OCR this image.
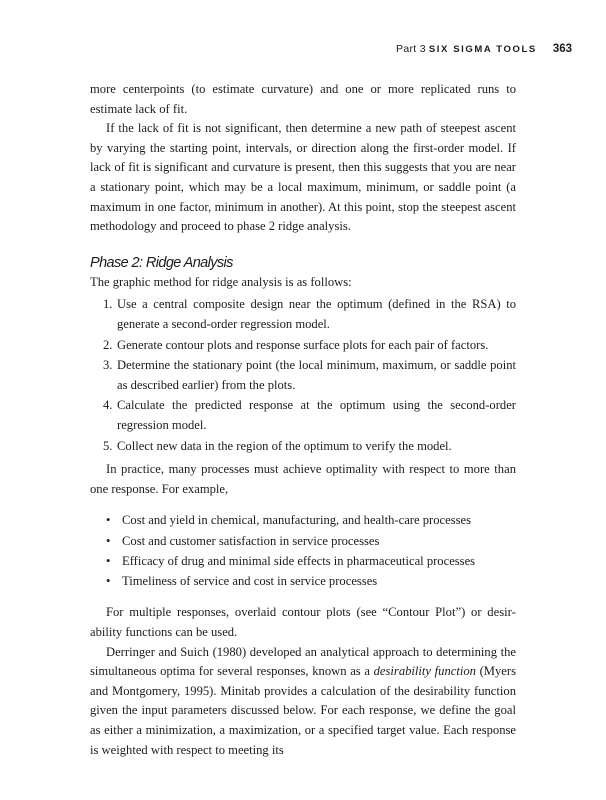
Part 3 SIX SIGMA TOOLS 363

more centerpoints (to estimate curvature) and one or more replicated runs to estimate lack of fit.

If the lack of fit is not significant, then determine a new path of steepest ascent by varying the starting point, intervals, or direction along the first-order model. If lack of fit is significant and curvature is present, then this suggests that you are near a stationary point, which may be a local maximum, minimum, or saddle point (a maximum in one factor, minimum in another). At this point, stop the steepest ascent methodology and proceed to phase 2 ridge analysis.

Phase 2: Ridge Analysis

The graphic method for ridge analysis is as follows:

1. Use a central composite design near the optimum (defined in the RSA) to generate a second-order regression model.
2. Generate contour plots and response surface plots for each pair of factors.
3. Determine the stationary point (the local minimum, maximum, or saddle point as described earlier) from the plots.
4. Calculate the predicted response at the optimum using the second-order regression model.
5. Collect new data in the region of the optimum to verify the model.

In practice, many processes must achieve optimality with respect to more than one response. For example,

• Cost and yield in chemical, manufacturing, and health-care processes
• Cost and customer satisfaction in service processes
• Efficacy of drug and minimal side effects in pharmaceutical processes
• Timeliness of service and cost in service processes

For multiple responses, overlaid contour plots (see “Contour Plot”) or desirability functions can be used.

Derringer and Suich (1980) developed an analytical approach to determining the simultaneous optima for several responses, known as a desirability function (Myers and Montgomery, 1995). Minitab provides a calculation of the desirability function given the input parameters discussed below. For each response, we define the goal as either a minimization, a maximization, or a specified target value. Each response is weighted with respect to meeting its
